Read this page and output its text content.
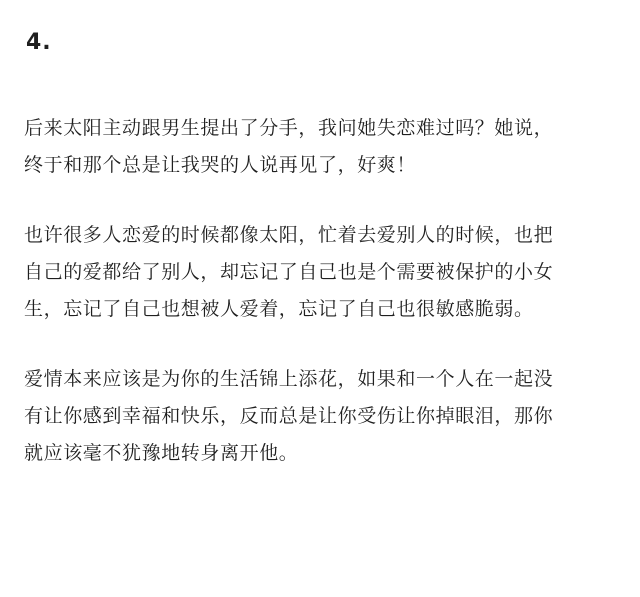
4.
后来太阳主动跟男生提出了分手，我问她失恋难过吗？她说，
终于和那个总是让我哭的人说再见了，好爽！
也许很多人恋爱的时候都像太阳，忙着去爱别人的时候，也把
自己的爱都给了别人，却忘记了自己也是个需要被保护的小女
生，忘记了自己也想被人爱着，忘记了自己也很敏感脆弱。
爱情本来应该是为你的生活锦上添花，如果和一个人在一起没
有让你感到幸福和快乐，反而总是让你受伤让你掉眼泪，那你
就应该毫不犹豫地转身离开他。
